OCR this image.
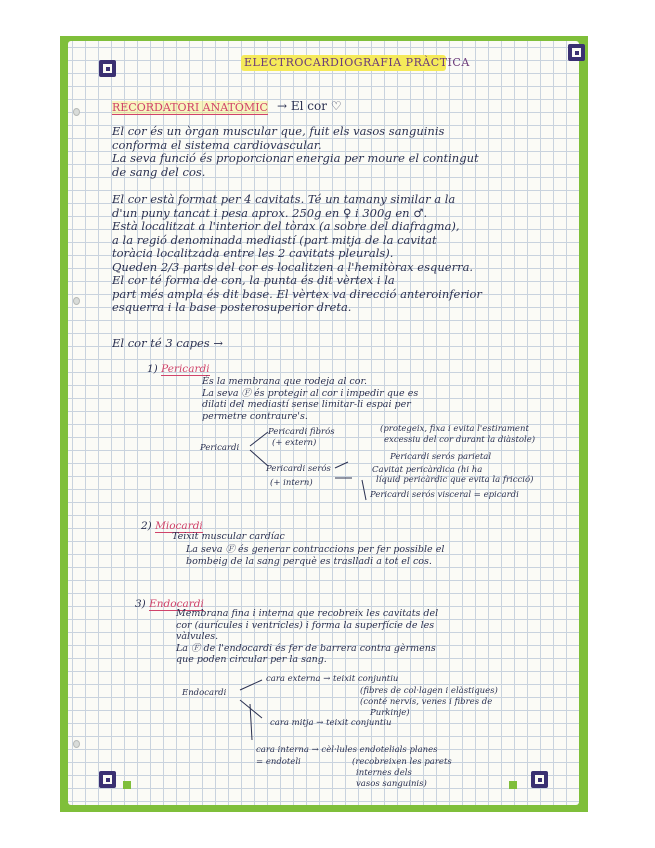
ELECTROCARDIOGRAFIA PRÀCTICA
RECORDATORI ANATÒMIC → El cor ♡
El cor és un òrgan muscular que, fuit els vasos sanguinis
conforma el sistema cardiovascular.
La seva funció és proporcionar energia per moure el contingut
de sang del cos.
El cor està format per 4 cavitats. Té un tamany similar a la
d'un puny tancat i pesa aprox. 250g en ♀ i 300g en ♂.
Està localitzat a l'interior del tòrax (a sobre del diafragma),
a la regió denominada mediastí (part mitja de la cavitat
toràcia localitzada entre les 2 cavitats pleurals).
Queden 2/3 parts del cor es localitzen a l'hemitòrax esquerra.
El cor té forma de con, la punta és dit vèrtex i la
part més ampla és dit base. El vèrtex va direcció anteroinferior
esquerra i la base posterosuperior dreta.
El cor té 3 capes →
1) Pericardi
És la membrana que rodeja al cor.
La seva Ⓕ és protegir al cor i impedir que es
dilati del mediastí sense limitar-li espai per
permetre contraure's.
Pericardi
Pericardi fibrós
(+ extern)
(protegeix, fixa i evita l'estirament
excessiu del cor durant la diàstole)
Pericardi serós
(+ intern)
Pericardi serós parietal
Cavitat pericàrdica (hi ha
líquid pericàrdic que evita la fricció)
Pericardi serós visceral = epicardi
2) Miocardi
Teixit muscular cardíac
La seva Ⓕ és generar contraccions per fer possible el
bombeig de la sang perquè es traslladi a tot el cos.
3) Endocardi
Membrana fina i interna que recobreix les cavitats del
cor (aurícules i ventricles) i forma la superfície de les
vàlvules.
La Ⓕ de l'endocardi és fer de barrera contra gèrmens
que poden circular per la sang.
Endocardi
cara externa → teixit conjuntiu
(fibres de col·lagen i elàstiques)
(conté nervis, venes i fibres de
Purkinje)
cara mitja → teixit conjuntiu
cara interna → cèl·lules endotelials planes
= endoteli	(recobreixen les parets
internes dels
vasos sanguinis)
